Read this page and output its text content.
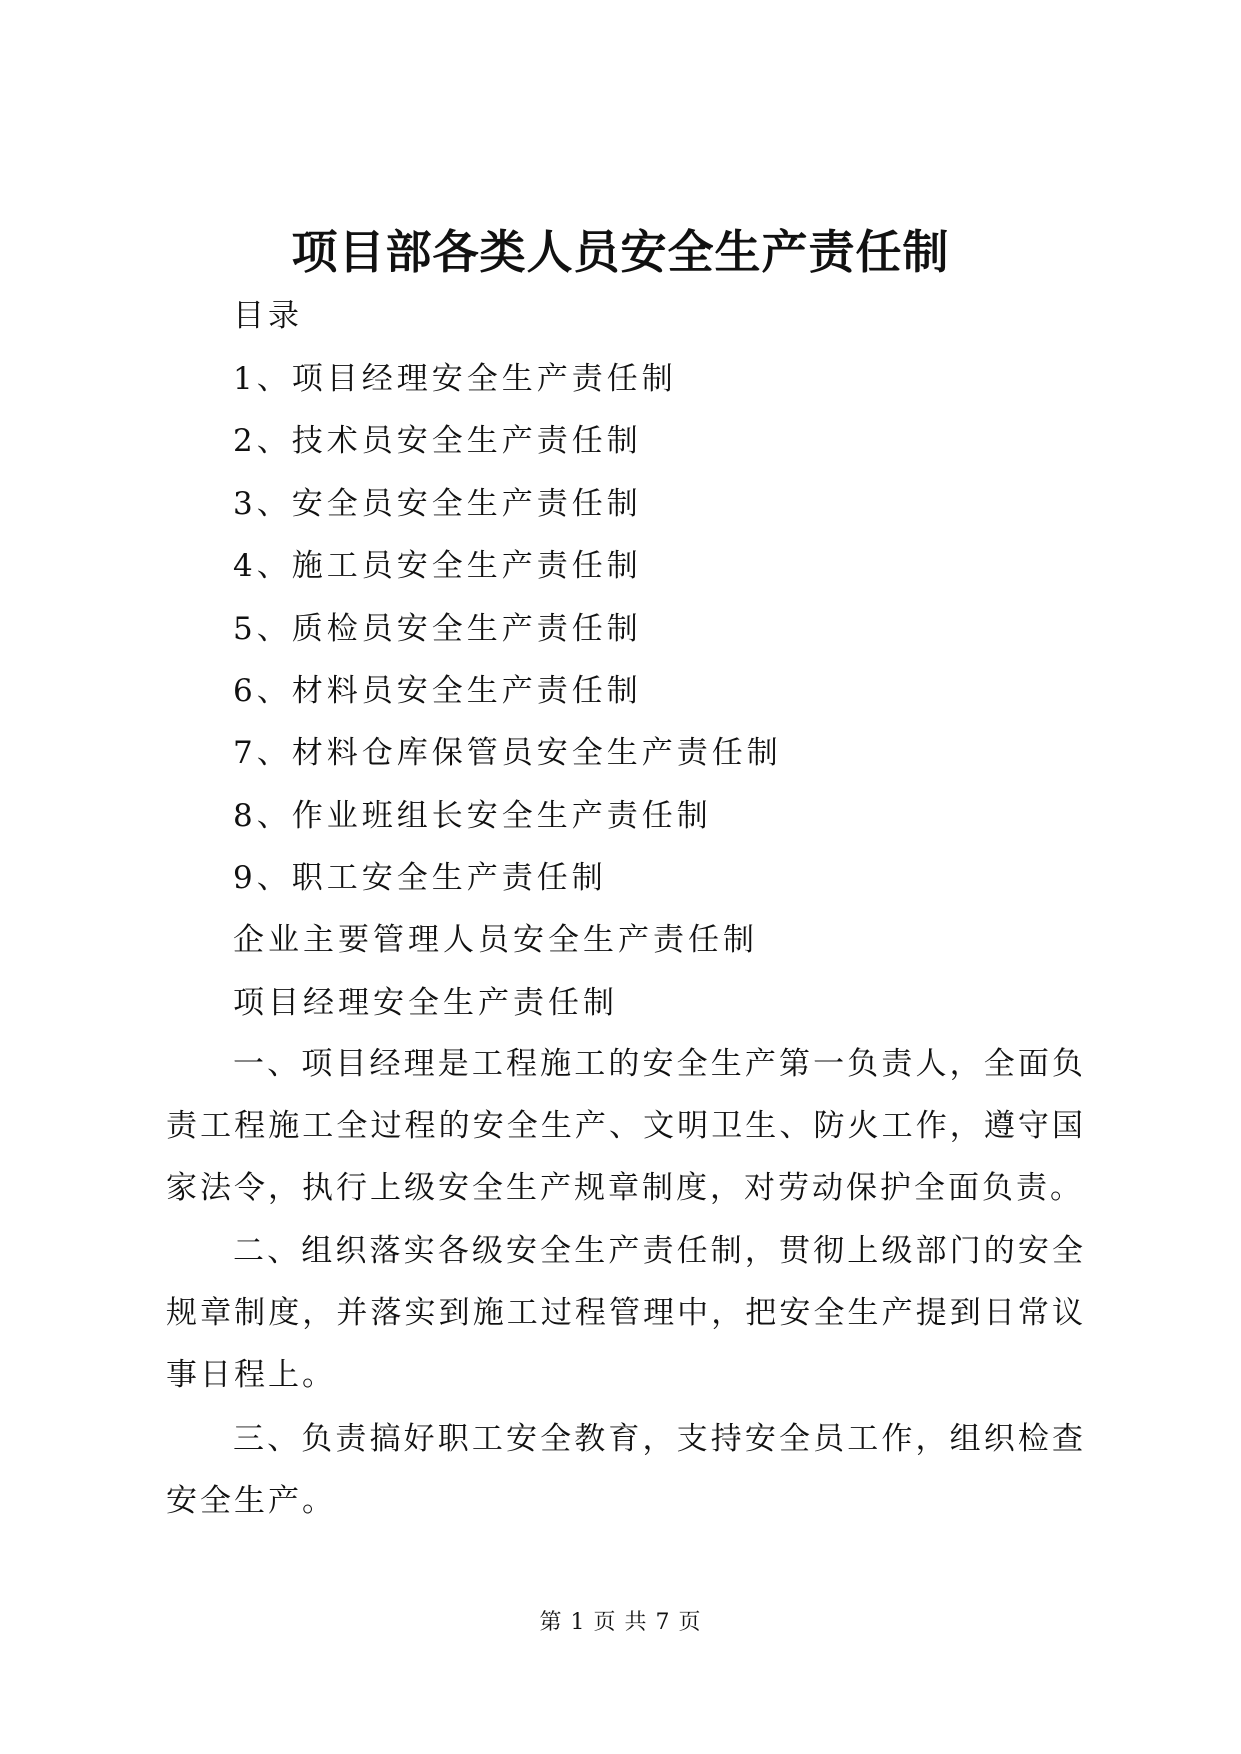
项目部各类人员安全生产责任制
目录
1、项目经理安全生产责任制
2、技术员安全生产责任制
3、安全员安全生产责任制
4、施工员安全生产责任制
5、质检员安全生产责任制
6、材料员安全生产责任制
7、材料仓库保管员安全生产责任制
8、作业班组长安全生产责任制
9、职工安全生产责任制
企业主要管理人员安全生产责任制
项目经理安全生产责任制

一、项目经理是工程施工的安全生产第一负责人，全面负责工程施工全过程的安全生产、文明卫生、防火工作，遵守国家法令，执行上级安全生产规章制度，对劳动保护全面负责。

二、组织落实各级安全生产责任制，贯彻上级部门的安全规章制度，并落实到施工过程管理中，把安全生产提到日常议事日程上。

三、负责搞好职工安全教育，支持安全员工作，组织检查安全生产。

第 1 页 共 7 页
